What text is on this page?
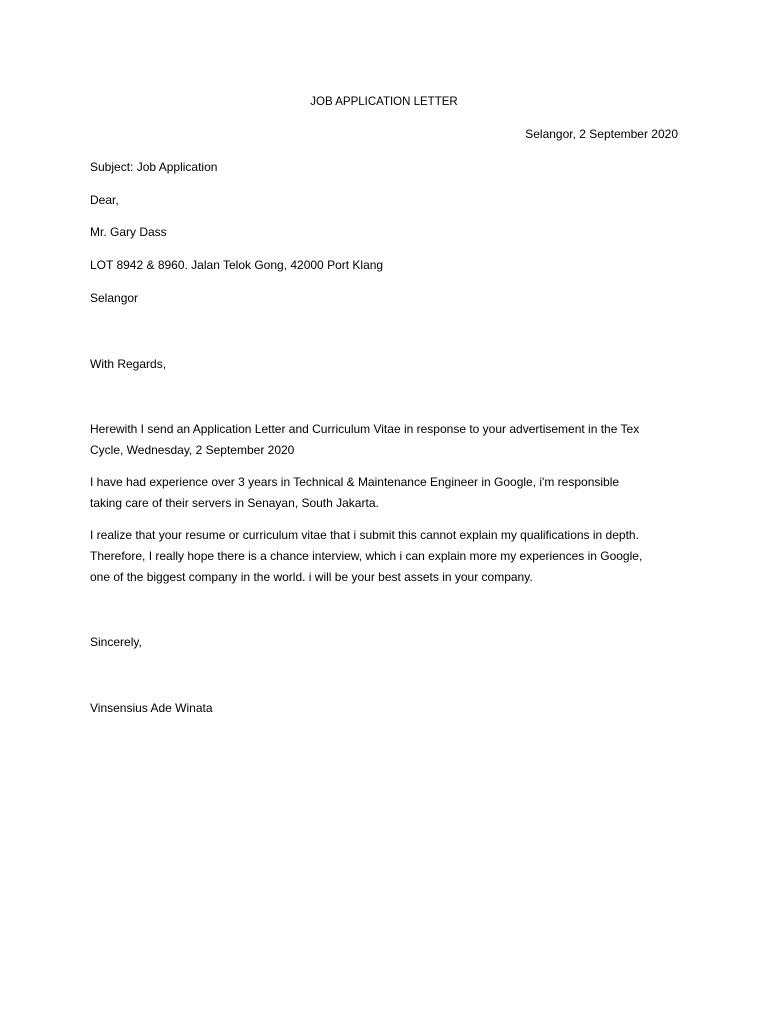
JOB APPLICATION LETTER
Selangor, 2 September 2020
Subject: Job Application
Dear,
Mr. Gary Dass
LOT 8942 & 8960. Jalan Telok Gong, 42000 Port Klang
Selangor
With Regards,
Herewith I send an Application Letter and Curriculum Vitae in response to your advertisement in the Tex
Cycle, Wednesday, 2 September 2020
I have had experience over 3 years in Technical & Maintenance Engineer in Google, i'm responsible
taking care of their servers in Senayan, South Jakarta.
I realize that your resume or curriculum vitae that i submit this cannot explain my qualifications in depth.
Therefore, I really hope there is a chance interview, which i can explain more my experiences in Google,
one of the biggest company in the world. i will be your best assets in your company.
Sincerely,
Vinsensius Ade Winata
